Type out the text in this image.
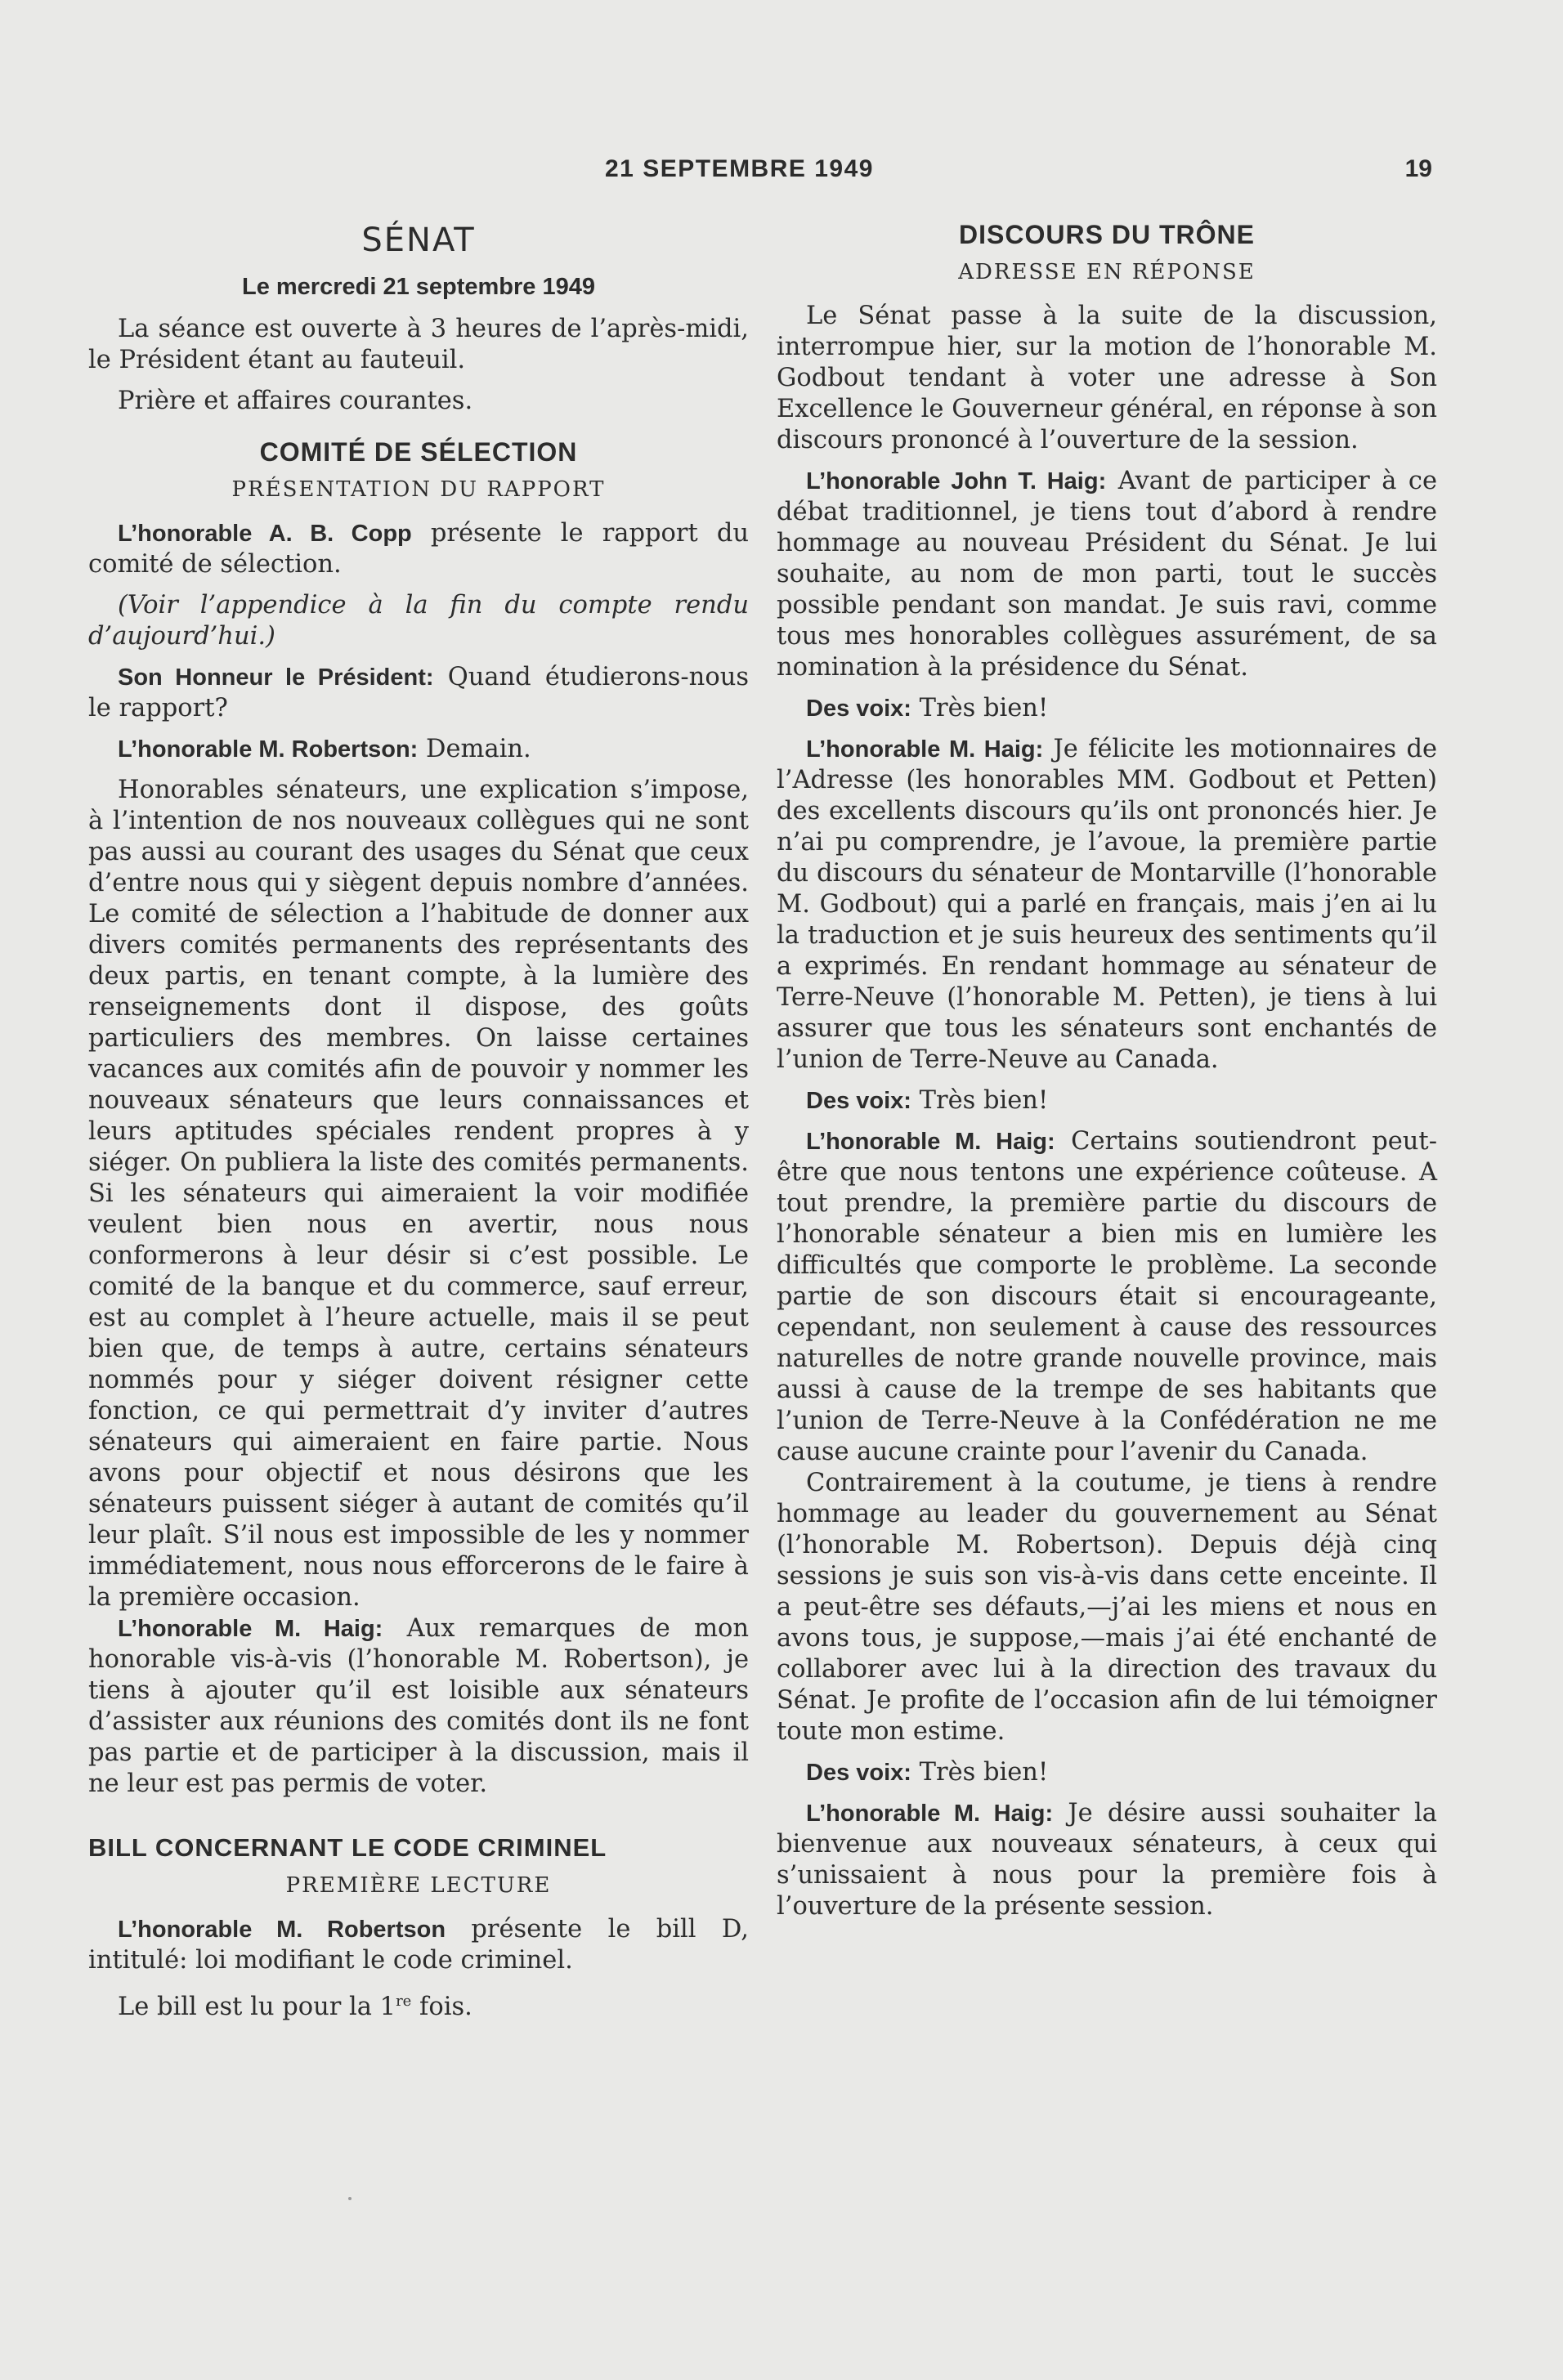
21 SEPTEMBRE 1949	19
SÉNAT
Le mercredi 21 septembre 1949

La séance est ouverte à 3 heures de l’après-midi, le Président étant au fauteuil.

Prière et affaires courantes.

COMITÉ DE SÉLECTION
PRÉSENTATION DU RAPPORT

L’honorable A. B. Copp présente le rapport du comité de sélection.

(Voir l’appendice à la fin du compte rendu d’aujourd’hui.)

Son Honneur le Président: Quand étudierons-nous le rapport?

L’honorable M. Robertson: Demain.

Honorables sénateurs, une explication s’impose, à l’intention de nos nouveaux collègues qui ne sont pas aussi au courant des usages du Sénat que ceux d’entre nous qui y siègent depuis nombre d’années. Le comité de sélection a l’habitude de donner aux divers comités permanents des représentants des deux partis, en tenant compte, à la lumière des renseignements dont il dispose, des goûts particuliers des membres. On laisse certaines vacances aux comités afin de pouvoir y nommer les nouveaux sénateurs que leurs connaissances et leurs aptitudes spéciales rendent propres à y siéger. On publiera la liste des comités permanents. Si les sénateurs qui aimeraient la voir modifiée veulent bien nous en avertir, nous nous conformerons à leur désir si c’est possible. Le comité de la banque et du commerce, sauf erreur, est au complet à l’heure actuelle, mais il se peut bien que, de temps à autre, certains sénateurs nommés pour y siéger doivent résigner cette fonction, ce qui permettrait d’y inviter d’autres sénateurs qui aimeraient en faire partie. Nous avons pour objectif et nous désirons que les sénateurs puissent siéger à autant de comités qu’il leur plaît. S’il nous est impossible de les y nommer immédiatement, nous nous efforcerons de le faire à la première occasion.

L’honorable M. Haig: Aux remarques de mon honorable vis-à-vis (l’honorable M. Robertson), je tiens à ajouter qu’il est loisible aux sénateurs d’assister aux réunions des comités dont ils ne font pas partie et de participer à la discussion, mais il ne leur est pas permis de voter.

BILL CONCERNANT LE CODE CRIMINEL
PREMIÈRE LECTURE

L’honorable M. Robertson présente le bill D, intitulé: loi modifiant le code criminel.

Le bill est lu pour la 1re fois.

DISCOURS DU TRÔNE
ADRESSE EN RÉPONSE

Le Sénat passe à la suite de la discussion, interrompue hier, sur la motion de l’honorable M. Godbout tendant à voter une adresse à Son Excellence le Gouverneur général, en réponse à son discours prononcé à l’ouverture de la session.

L’honorable John T. Haig: Avant de participer à ce débat traditionnel, je tiens tout d’abord à rendre hommage au nouveau Président du Sénat. Je lui souhaite, au nom de mon parti, tout le succès possible pendant son mandat. Je suis ravi, comme tous mes honorables collègues assurément, de sa nomination à la présidence du Sénat.

Des voix: Très bien!

L’honorable M. Haig: Je félicite les motionnaires de l’Adresse (les honorables MM. Godbout et Petten) des excellents discours qu’ils ont prononcés hier. Je n’ai pu comprendre, je l’avoue, la première partie du discours du sénateur de Montarville (l’honorable M. Godbout) qui a parlé en français, mais j’en ai lu la traduction et je suis heureux des sentiments qu’il a exprimés. En rendant hommage au sénateur de Terre-Neuve (l’honorable M. Petten), je tiens à lui assurer que tous les sénateurs sont enchantés de l’union de Terre-Neuve au Canada.

Des voix: Très bien!

L’honorable M. Haig: Certains soutiendront peut-être que nous tentons une expérience coûteuse. A tout prendre, la première partie du discours de l’honorable sénateur a bien mis en lumière les difficultés que comporte le problème. La seconde partie de son discours était si encourageante, cependant, non seulement à cause des ressources naturelles de notre grande nouvelle province, mais aussi à cause de la trempe de ses habitants que l’union de Terre-Neuve à la Confédération ne me cause aucune crainte pour l’avenir du Canada.

Contrairement à la coutume, je tiens à rendre hommage au leader du gouvernement au Sénat (l’honorable M. Robertson). Depuis déjà cinq sessions je suis son vis-à-vis dans cette enceinte. Il a peut-être ses défauts,—j’ai les miens et nous en avons tous, je suppose,—mais j’ai été enchanté de collaborer avec lui à la direction des travaux du Sénat. Je profite de l’occasion afin de lui témoigner toute mon estime.

Des voix: Très bien!

L’honorable M. Haig: Je désire aussi souhaiter la bienvenue aux nouveaux sénateurs, à ceux qui s’unissaient à nous pour la première fois à l’ouverture de la présente session.
